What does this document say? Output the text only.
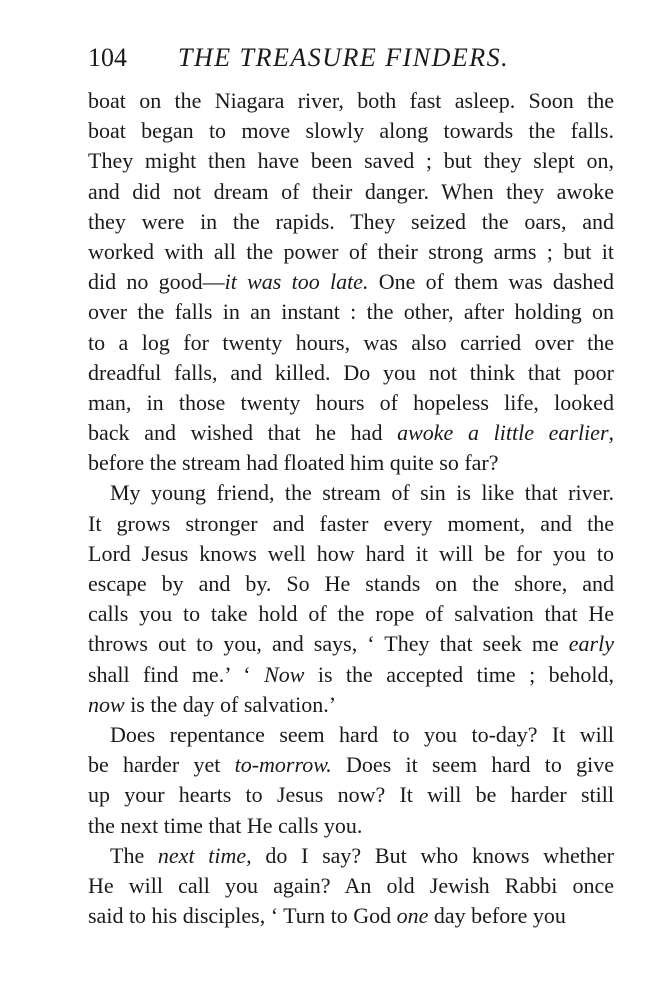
104 THE TREASURE FINDERS.
boat on the Niagara river, both fast asleep. Soon the
boat began to move slowly along towards the falls.
They might then have been saved ; but they slept on,
and did not dream of their danger. When they awoke
they were in the rapids. They seized the oars, and
worked with all the power of their strong arms ; but it
did no good—it was too late. One of them was dashed
over the falls in an instant : the other, after holding on
to a log for twenty hours, was also carried over the
dreadful falls, and killed. Do you not think that poor
man, in those twenty hours of hopeless life, looked
back and wished that he had awoke a little earlier,
before the stream had floated him quite so far?
My young friend, the stream of sin is like that river.
It grows stronger and faster every moment, and the
Lord Jesus knows well how hard it will be for you to
escape by and by. So He stands on the shore, and
calls you to take hold of the rope of salvation that He
throws out to you, and says, ‘ They that seek me early
shall find me.’ ‘ Now is the accepted time ; behold,
now is the day of salvation.’
Does repentance seem hard to you to-day? It will
be harder yet to-morrow. Does it seem hard to give
up your hearts to Jesus now? It will be harder still
the next time that He calls you.
The next time, do I say? But who knows whether
He will call you again? An old Jewish Rabbi once
said to his disciples, ‘ Turn to God one day before you
